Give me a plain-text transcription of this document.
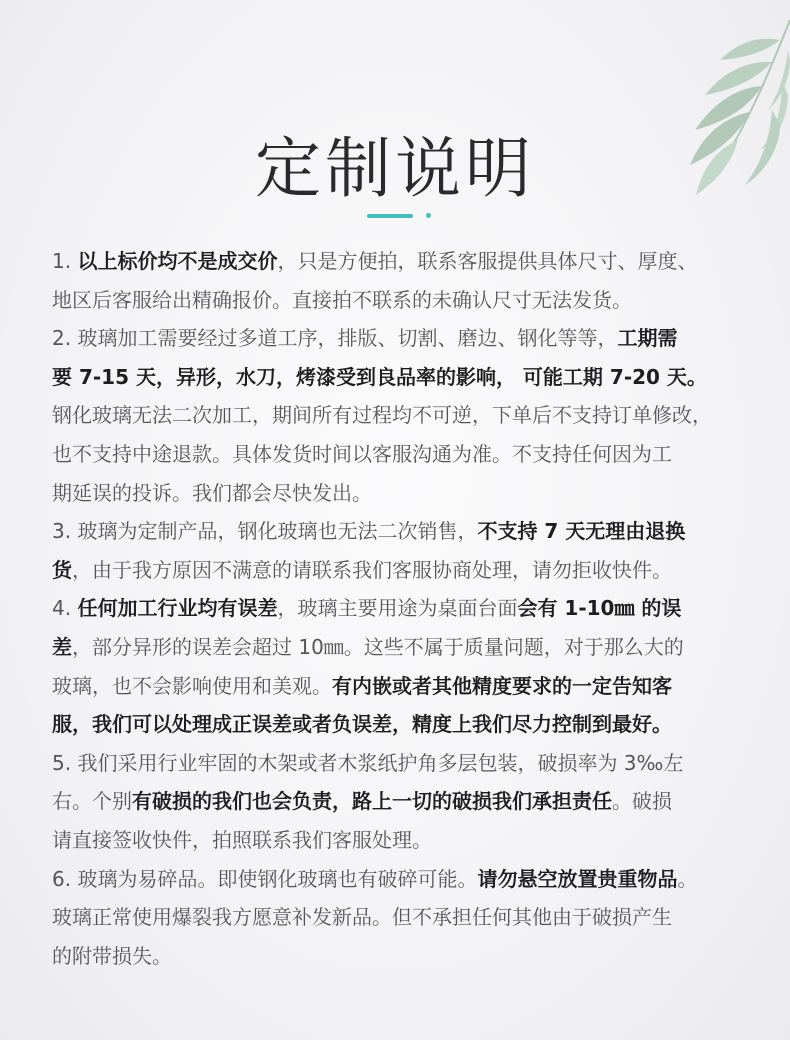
定制说明
1. 以上标价均不是成交价，只是方便拍，联系客服提供具体尺寸、厚度、
地区后客服给出精确报价。直接拍不联系的未确认尺寸无法发货。
2. 玻璃加工需要经过多道工序，排版、切割、磨边、钢化等等，工期需
要 7-15 天，异形，水刀，烤漆受到良品率的影响， 可能工期 7-20 天。
钢化玻璃无法二次加工，期间所有过程均不可逆，下单后不支持订单修改，
也不支持中途退款。具体发货时间以客服沟通为准。不支持任何因为工
期延误的投诉。我们都会尽快发出。
3. 玻璃为定制产品，钢化玻璃也无法二次销售，不支持 7 天无理由退换
货，由于我方原因不满意的请联系我们客服协商处理，请勿拒收快件。
4. 任何加工行业均有误差，玻璃主要用途为桌面台面会有 1-10㎜ 的误
差，部分异形的误差会超过 10㎜。这些不属于质量问题，对于那么大的
玻璃，也不会影响使用和美观。有内嵌或者其他精度要求的一定告知客
服，我们可以处理成正误差或者负误差，精度上我们尽力控制到最好。
5. 我们采用行业牢固的木架或者木浆纸护角多层包装，破损率为 3‰左
右。个别有破损的我们也会负责，路上一切的破损我们承担责任。破损
请直接签收快件，拍照联系我们客服处理。
6. 玻璃为易碎品。即使钢化玻璃也有破碎可能。请勿悬空放置贵重物品。
玻璃正常使用爆裂我方愿意补发新品。但不承担任何其他由于破损产生
的附带损失。
